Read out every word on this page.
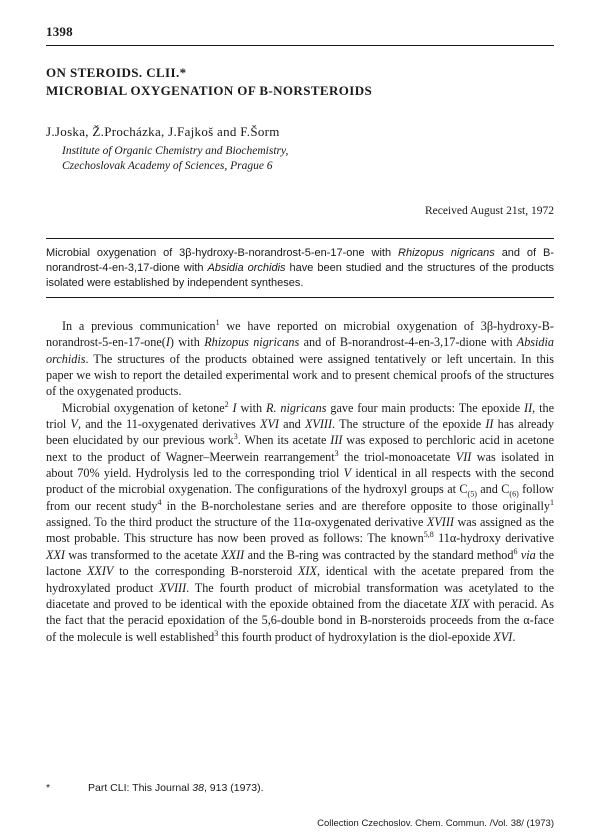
1398
ON STEROIDS. CLII.*
MICROBIAL OXYGENATION OF B-NORSTEROIDS
J.Joska, Ž.Procházka, J.Fajkoš and F.Šorm
Institute of Organic Chemistry and Biochemistry,
Czechoslovak Academy of Sciences, Prague 6
Received August 21st, 1972
Microbial oxygenation of 3β-hydroxy-B-norandrost-5-en-17-one with Rhizopus nigricans and of B-norandrost-4-en-3,17-dione with Absidia orchidis have been studied and the structures of the products isolated were established by independent syntheses.

In a previous communication$^1$ we have reported on microbial oxygenation of 3β-hydroxy-B-norandrost-5-en-17-one(I) with Rhizopus nigricans and of B-norandrost-4-en-3,17-dione with Absidia orchidis. The structures of the products obtained were assigned tentatively or left uncertain. In this paper we wish to report the detailed experimental work and to present chemical proofs of the structures of the oxygenated products.

Microbial oxygenation of ketone$^2$ I with R. nigricans gave four main products: The epoxide II, the triol V, and the 11-oxygenated derivatives XVI and XVIII. The structure of the epoxide II has already been elucidated by our previous work$^3$. When its acetate III was exposed to perchloric acid in acetone next to the product of Wagner–Meerwein rearrangement$^3$ the triol-monoacetate VII was isolated in about 70% yield. Hydrolysis led to the corresponding triol V identical in all respects with the second product of the microbial oxygenation. The configurations of the hydroxyl groups at $C_{(5)}$ and $C_{(6)}$ follow from our recent study$^4$ in the B-norcholestane series and are therefore opposite to those originally$^1$ assigned. To the third product the structure of the 11α-oxygenated derivative XVIII was assigned as the most probable. This structure has now been proved as follows: The known$^{5,8}$ 11α-hydroxy derivative XXI was transformed to the acetate XXII and the B-ring was contracted by the standard method$^6$ via the lactone XXIV to the corresponding B-norsteroid XIX, identical with the acetate prepared from the hydroxylated product XVIII. The fourth product of microbial transformation was acetylated to the diacetate and proved to be identical with the epoxide obtained from the diacetate XIX with peracid. As the fact that the peracid epoxidation of the 5,6-double bond in B-norsteroids proceeds from the α-face of the molecule is well established$^3$ this fourth product of hydroxylation is the diol-epoxide XVI.

*	Part CLI: This Journal 38, 913 (1973).
Collection Czechoslov. Chem. Commun. /Vol. 38/ (1973)
